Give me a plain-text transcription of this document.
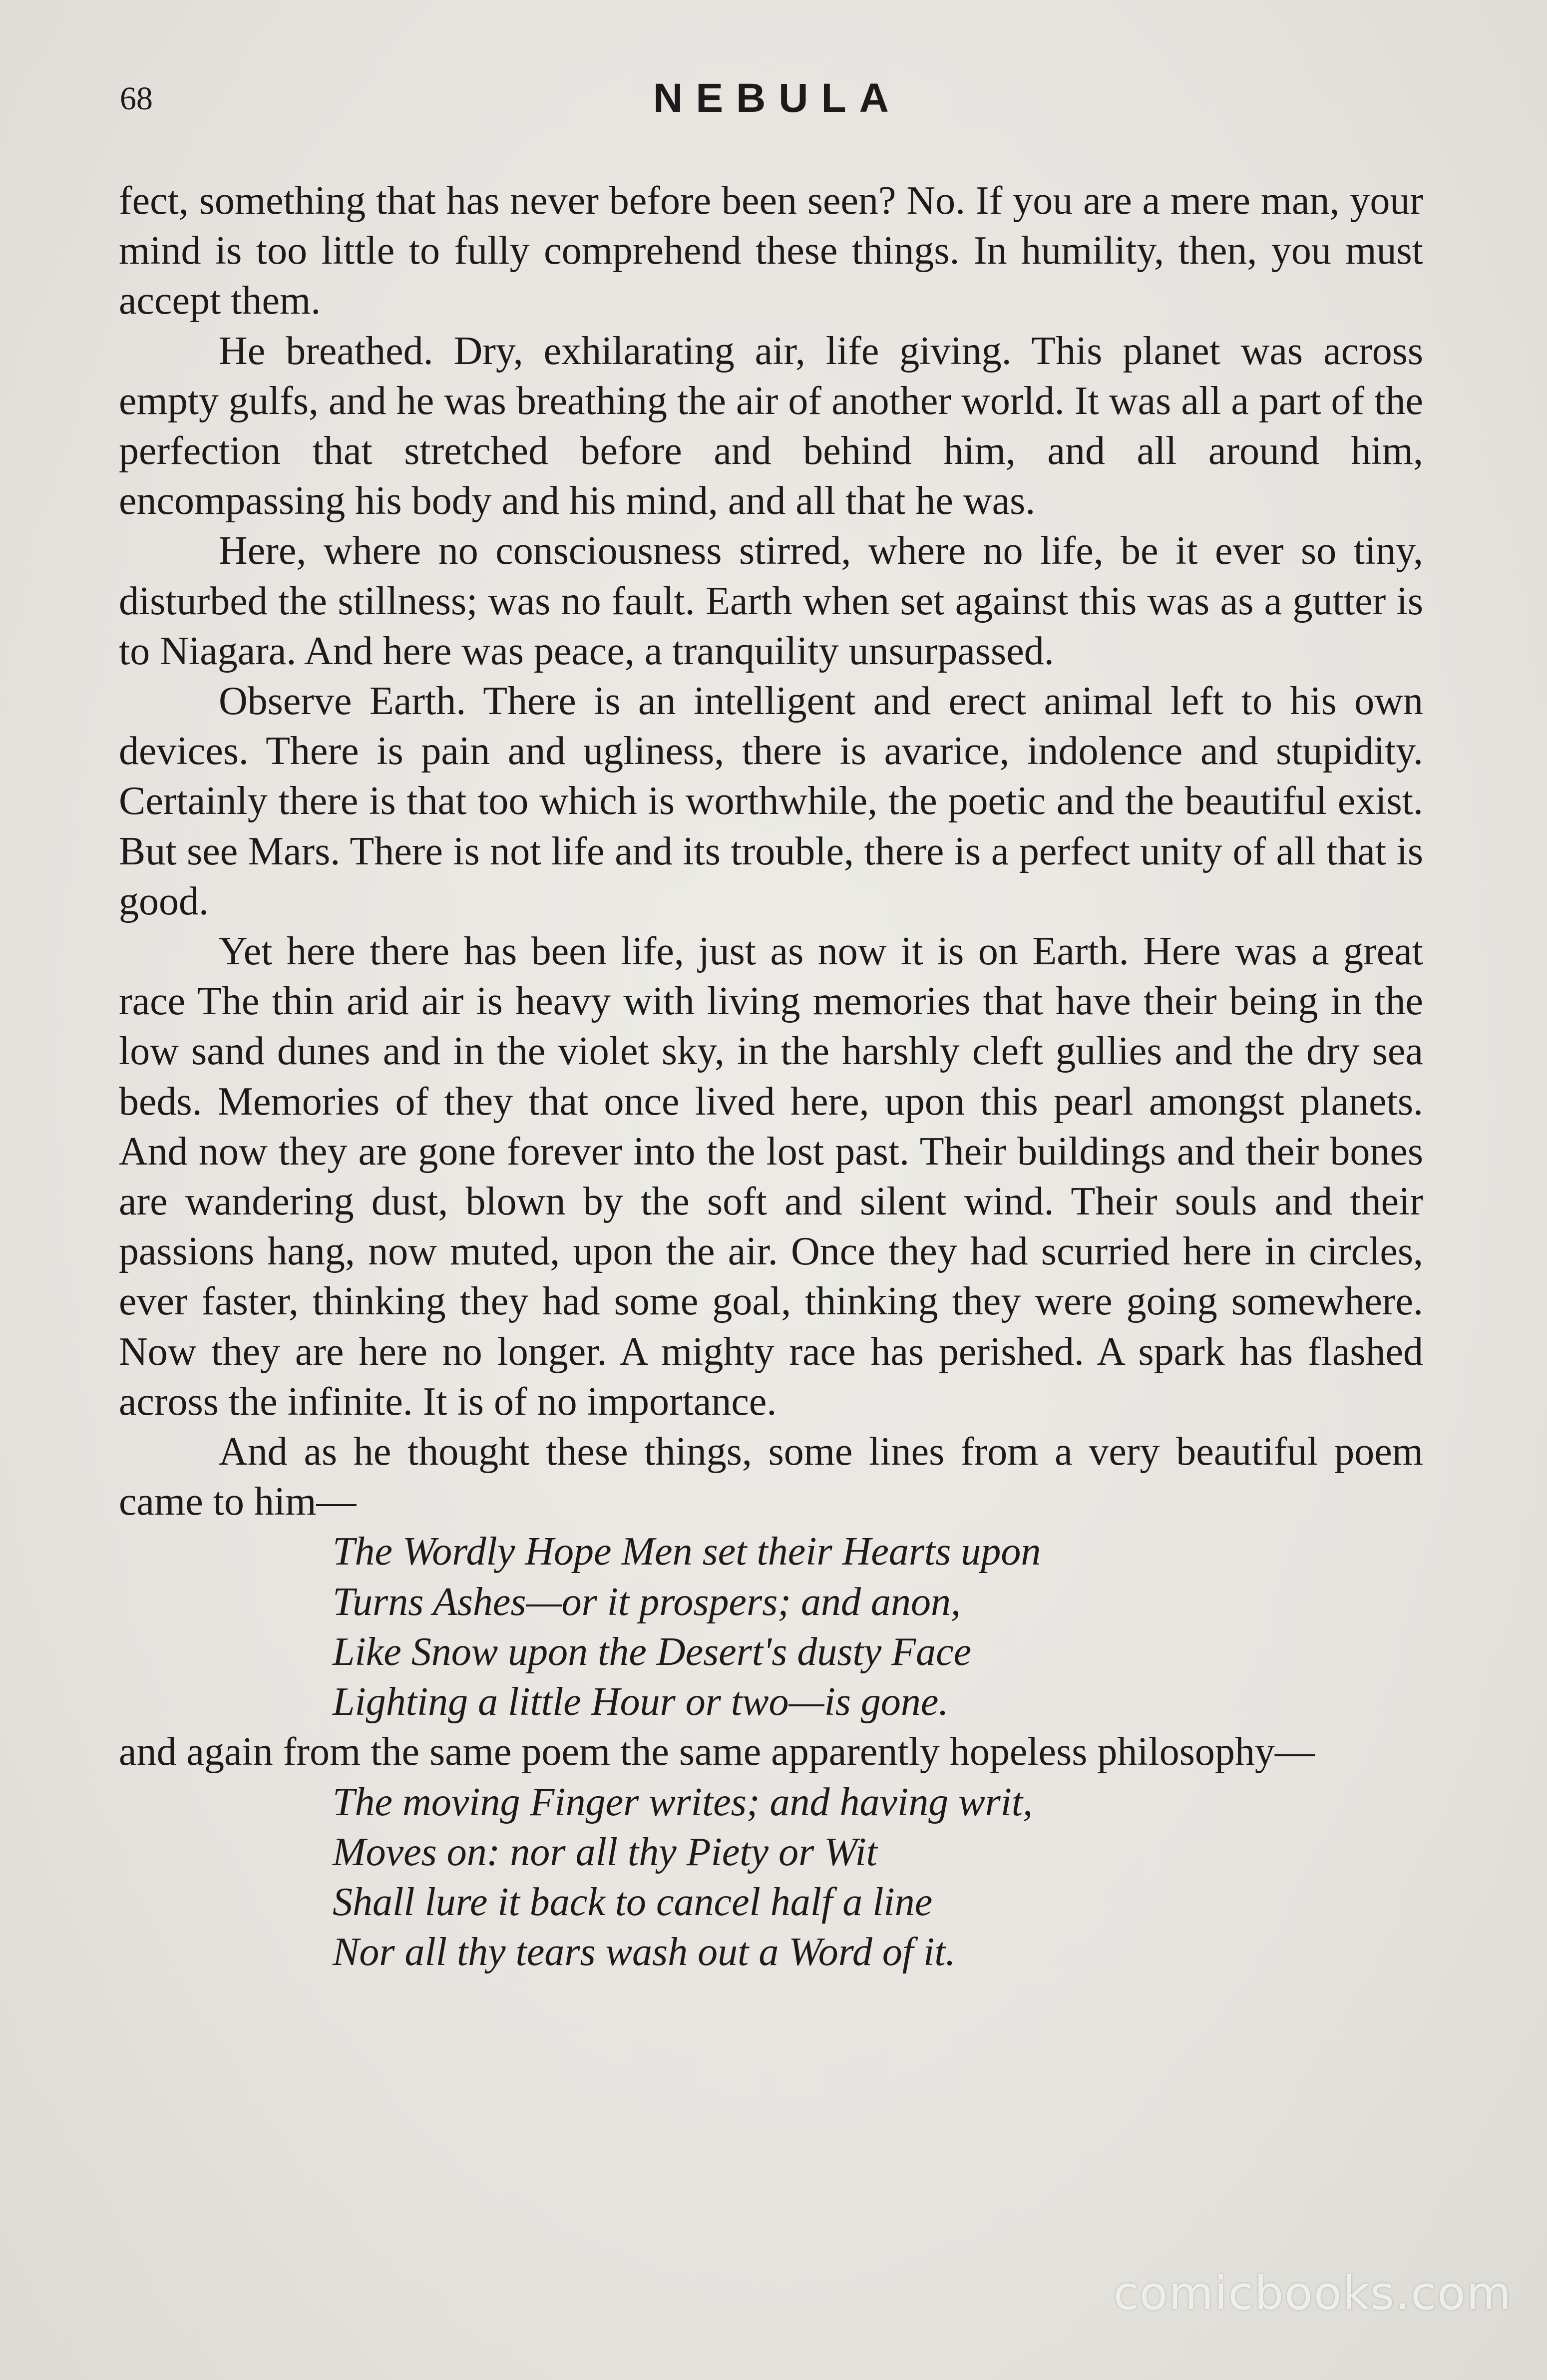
68	NEBULA

fect, something that has never before been seen? No. If you are a mere man, your mind is too little to fully comprehend these things. In humility, then, you must accept them.

He breathed. Dry, exhilarating air, life giving. This planet was across empty gulfs, and he was breathing the air of another world. It was all a part of the perfection that stretched before and behind him, and all around him, encompassing his body and his mind, and all that he was.

Here, where no consciousness stirred, where no life, be it ever so tiny, disturbed the stillness; was no fault. Earth when set against this was as a gutter is to Niagara. And here was peace, a tranquility unsurpassed.

Observe Earth. There is an intelligent and erect animal left to his own devices. There is pain and ugliness, there is avarice, indolence and stupidity. Certainly there is that too which is worthwhile, the poetic and the beautiful exist. But see Mars. There is not life and its trouble, there is a perfect unity of all that is good.

Yet here there has been life, just as now it is on Earth. Here was a great race The thin arid air is heavy with living memories that have their being in the low sand dunes and in the violet sky, in the harshly cleft gullies and the dry sea beds. Memories of they that once lived here, upon this pearl amongst planets. And now they are gone forever into the lost past. Their buildings and their bones are wandering dust, blown by the soft and silent wind. Their souls and their passions hang, now muted, upon the air. Once they had scurried here in circles, ever faster, thinking they had some goal, thinking they were going somewhere. Now they are here no longer. A mighty race has perished. A spark has flashed across the infinite. It is of no importance.

And as he thought these things, some lines from a very beautiful poem came to him—

The Wordly Hope Men set their Hearts upon
Turns Ashes—or it prospers; and anon,
Like Snow upon the Desert's dusty Face
Lighting a little Hour or two—is gone.

and again from the same poem the same apparently hopeless philosophy—

The moving Finger writes; and having writ,
Moves on: nor all thy Piety or Wit
Shall lure it back to cancel half a line
Nor all thy tears wash out a Word of it.
comicbooks.com
